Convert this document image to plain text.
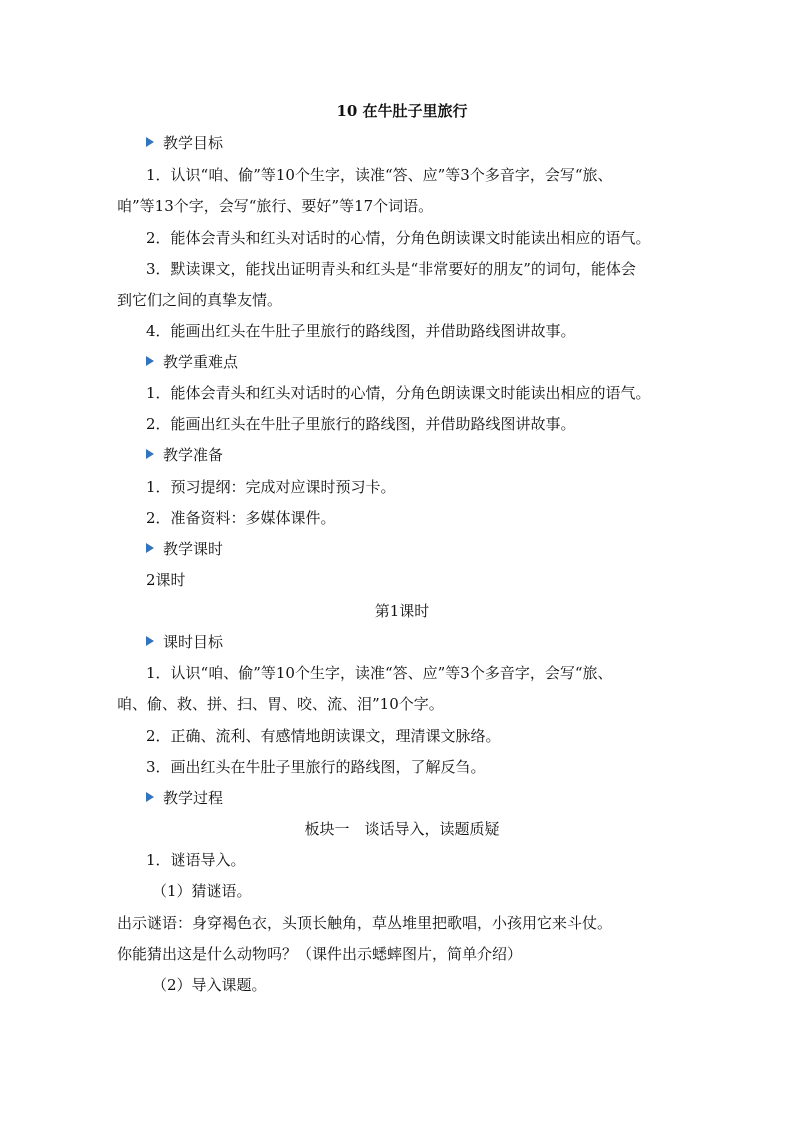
10 在牛肚子里旅行
教学目标
1．认识“咱、偷”等10个生字，读准“答、应”等3个多音字，会写“旅、
咱”等13个字，会写“旅行、要好”等17个词语。
2．能体会青头和红头对话时的心情，分角色朗读课文时能读出相应的语气。
3．默读课文，能找出证明青头和红头是“非常要好的朋友”的词句，能体会
到它们之间的真挚友情。
4．能画出红头在牛肚子里旅行的路线图，并借助路线图讲故事。
教学重难点
1．能体会青头和红头对话时的心情，分角色朗读课文时能读出相应的语气。
2．能画出红头在牛肚子里旅行的路线图，并借助路线图讲故事。
教学准备
1．预习提纲：完成对应课时预习卡。
2．准备资料：多媒体课件。
教学课时
2课时
第1课时
课时目标
1．认识“咱、偷”等10个生字，读准“答、应”等3个多音字，会写“旅、
咱、偷、救、拼、扫、胃、咬、流、泪”10个字。
2．正确、流利、有感情地朗读课文，理清课文脉络。
3．画出红头在牛肚子里旅行的路线图，了解反刍。
教学过程
板块一　谈话导入，读题质疑
1．谜语导入。
（1）猜谜语。
出示谜语：身穿褐色衣，头顶长触角，草丛堆里把歌唱，小孩用它来斗仗。
你能猜出这是什么动物吗？（课件出示蟋蟀图片，简单介绍）
（2）导入课题。
